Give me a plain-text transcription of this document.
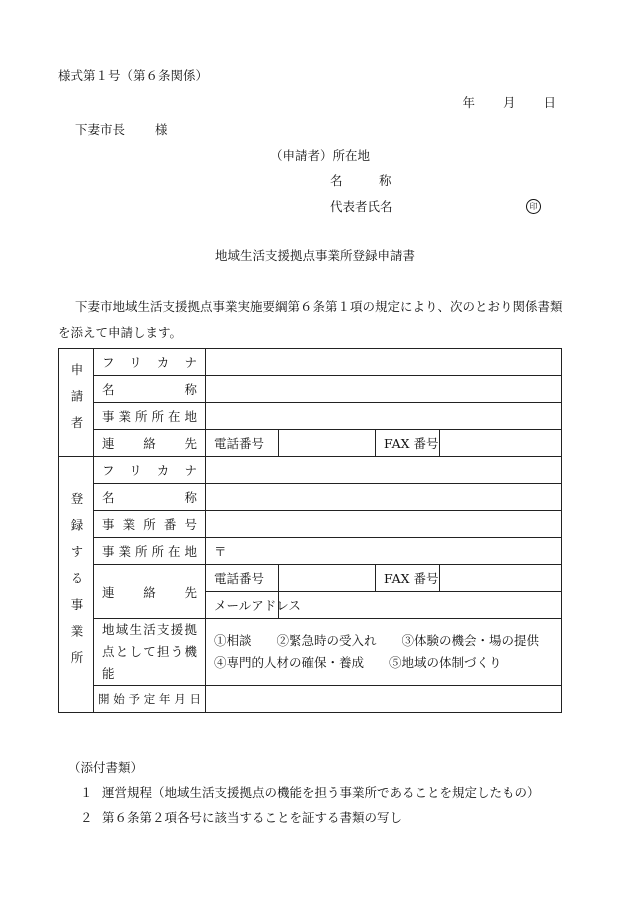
様式第１号（第６条関係）
年 月 日
下妻市長 様
（申請者）所在地
名　称
代表者氏名	印
地域生活支援拠点事業所登録申請書
下妻市地域生活支援拠点事業実施要綱第６条第１項の規定により、次のとおり関係書類
を添えて申請します。
申請者	フリカナ				
	名称				
	事業所所在地				
	連絡先	電話番号		FAX 番号	
登録する事業所	フリカナ				
	名称				
	事業所番号				
	事業所所在地	〒			
	連絡先	電話番号		FAX 番号	
		メールアドレス			
	地域生活支援拠点として担う機能	①相談　　②緊急時の受入れ　　③体験の機会・場の提供
④専門的人材の確保・養成　　⑤地域の体制づくり			

	開始予定年月日				
（添付書類）
１ 運営規程（地域生活支援拠点の機能を担う事業所であることを規定したもの）
２ 第６条第２項各号に該当することを証する書類の写し
